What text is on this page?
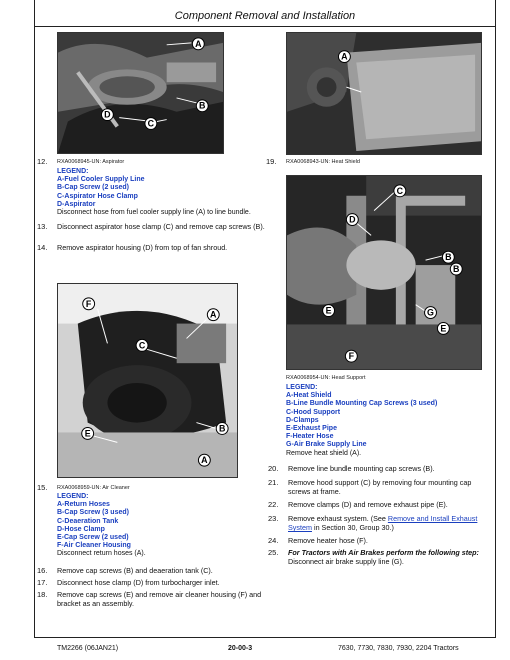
Component Removal and Installation
A
B
C
D
A
12. RXA0068945-UN: Aspirator
LEGEND:
A-Fuel Cooler Supply Line
B-Cap Screw (2 used)
C-Aspirator Hose Clamp
D-Aspirator
Disconnect hose from fuel cooler supply line (A) to line bundle.
13. Disconnect aspirator hose clamp (C) and remove cap screws (B).
14. Remove aspirator housing (D) from top of fan shroud.
F
A
C
B
E
A
C
D
B
B
G
E
E
F
19. RXA0068943-UN: Heat Shield
RXA0068954-UN: Head Support
LEGEND:
A-Heat Shield
B-Line Bundle Mounting Cap Screws (3 used)
C-Hood Support
D-Clamps
E-Exhaust Pipe
F-Heater Hose
G-Air Brake Supply Line
Remove heat shield (A).
20. Remove line bundle mounting cap screws (B).
21. Remove hood support (C) by removing four mounting cap screws at frame.
22. Remove clamps (D) and remove exhaust pipe (E).
23. Remove exhaust system. (See Remove and Install Exhaust System in Section 30, Group 30.)
24. Remove heater hose (F).
25. For Tractors with Air Brakes perform the following step:
Disconnect air brake supply line (G).
15. RXA0068959-UN: Air Cleaner
LEGEND:
A-Return Hoses
B-Cap Screw (3 used)
C-Deaeration Tank
D-Hose Clamp
E-Cap Screw (2 used)
F-Air Cleaner Housing
Disconnect return hoses (A).
16. Remove cap screws (B) and deaeration tank (C).
17. Disconnect hose clamp (D) from turbocharger inlet.
18. Remove cap screws (E) and remove air cleaner housing (F) and bracket as an assembly.
TM2266 (06JAN21)	20-00-3	7630, 7730, 7830, 7930, 2204 Tractors
